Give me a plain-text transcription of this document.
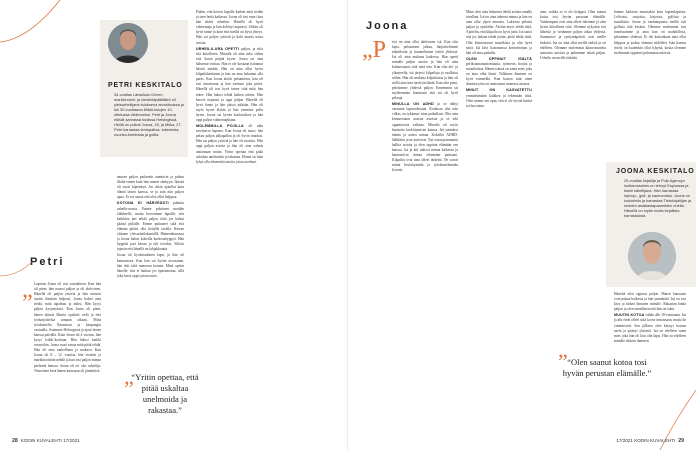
PETRI KESKITALO
34-vuotias LänsiAuto Driven markkinointi- ja viestintäpäällikkö oli yleisurheilijana tuloksena arvokisoissa ja tuli 30-vuotiaana Mitali-kisojen 10-ottelussa viidenneksi. Petri ja Joona elävät samassa kodissa Helsingissä. Heillä on poikat Joona, 29, ja Miika, 27. Petri harrastaa lentopalloa, tukemista, nuoriso-toimintaa ja golfia.
Petri
„ Lapsena Joona oli tosi sosiaalinen. Kun hän oli pieni, hän nauroi paljon ja oli aktiivinen. Hänellä oli paljon ystäviä ja hän tutustui uusiin ihmisiin helposti. Joona halusi aina tietää, mitä tapahtuu ja miksi. Hän kysyi paljon kysymyksiä. Kun Joona oli pieni, hänen äitinsä Marita opiskeli vielä ja teki tyoharjoittelua samaan aikaan. Minä työskentelin Raaraussa ja kaupungin vastuulla. Asuimme Helsingissä ja ajoin lasten kanssa päivällä. Kuin Joona oli 4 vuotias, hän kysyi leikki-kouluun. Hän halusi kaikki tavaroihin. Joona osasi sanoa mitä pitää tehdä. Hän oli aina rauhallinen ja mukava. Kun Joona oli 8 – 12 -vuotias, hän viestitti ja markkinointiin nähdä ja kun tosi paljon minun perheeni kanssa. Joona oli eri väri urheilija. Viimeinen kesä hänen kanssaan oli jännittävä.

nauran paljon paikereitt aamuisin ja puhun illalla ennen kuin hän menee sänkyyn. Ikävää oli vuosi kipeäntyä. Jos olisin ajatellut kuin elämä lasten kanssa, se ja sain niin paljon apua. Ei voi sanoa että olisi ollut helppoa.

KOTONA EI HÄRVEÄSTI puhuttu urheilu-urasta. Emme pohtineet meidän eläkkeelle, mutta kerroimme lapsille, että kaikkien piti tehdä paljon töitä jos halusi päästä pitkälle. Emme puhuneet siitä että elämän pitäisi olla tiettyllä tavalla. Kerran olimme yleisurheilukentällä Hämeenlinnassa ja Joona halusi kokeilla korkeushyppyä. Hän hyppäsi pari kertaa ja tuli toiseksi. Silloin tajusin että hänellä on lahjakkuutta.

Joona oli hyväntuulinen lapsi, ja hän oli kannustava. Kun hän sai hyvän arvosanan, hän teki siitä numeron kotona. Minä opetin hänelle, että ei haittaa jos epäonnistuu, sillä joka kerta oppii jotain uutta.

Päätin, että kerron lapsille kaiken mitä tiedän ja tuen heitä kaikessa. Joona oli tosi nuori kun hän aloitti urheilun. Hänellä oli hyvä valmentaja ja hän kehittyi nopeasti. Silloin oli hyvä tunne ja koin että meillä on hyvä yhteys. Hän sai paljon ystäviä ja koki monia uusia asioita.

URHEILU-URA OPETTI paljon, ja siitä sitä kiitollinen. Minulla oli aina usko siihen että Joona pärjää hyvin. Joona on aina halunnut voittaa. Hän ei ole koskaan halunnut hävitä mitään. Hän on aina ollut hyvin kilpailuhenkinen ja hän on aina halunnut olla paras. Kun Joona aloitti pelaamisen, hän oli tosi innostunut ja hän treenasi joka päivä. Hänellä oli tosi hyvä tunne siitä mitä hän tekee. Hän halusi tehdä kaiken oikein. Hän kasvoi nopeasti ja oppi paljon. Hänellä oli hyvä kunto ja hän jaksoi pitkään. Hän oli myös hyvin älykäs ja hän ymmärsi pelin hyvin. Joona sai hyvän koulutuksen ja hän oppi paljon valmentajiltaan.

MOLEMMILLA POJILLA oli aika tarvittavat lapsena. Kun Joona oli nuori, hän pelasi paljon jalkapalloa ja oli hyvin innokas. Hän sai paljon ystäviä ja hän oli suosittu. Hän oppi paljon asioita ja hän oli aina valmis auttamaan muita. Yritin opettaa että pitää uskaltaa unelmoida ja rakastaa. Elämä on liian lyhyt olla tekemättä asioita joista unelmoi.

„
“Yritin opettaa, että pitää uskaltaa unelmoida ja rakastaa.”
28 KODIN KUVALEHTI 17/2021
Joona
„P etri on aina ollut aktiivinen isä. Kun olin lapsi, pelasimme jalkaa, harjoittelimme tekniikoita ja kuuntelimme tyttöä yhdessä. Isä oli aina mukana kaikessa. Hän opetti minulle paljon asioita ja hän oli aina kiinnostunut siitä mitä tein. Kun olin ala- ja yläasteella, isä järjesti kilpailuja ja osallistui niihin. Hän oli mukana kilpailuissa ja hän oli siellä aina kun tarvitsin häntä. Kun olin pieni, pelasimme yhdessä paljon. Ennemmin tai myöhemmin huomasin että isä oli hyvä pelaaja.

MINULLA ON ADHD ja se näkyi varmaan lapsuudessani. Koulussa olin utin vilkas, en tykännyt istua paikallani. Olin aina kiinnostunut uusista asioista ja se teki oppimisesta vaikeaa. Minulla oli myös haasteita keskittymisen kanssa. Isä ymmärsi tämän ja auttoi minua. Kokeilin ADHD-lääkkeitä ja ne auttoivat. Nyt osaan paremmin hallita asioita ja olen oppinut elämään sen kanssa. Isä ja äiti tukivat minua kaikessa ja kannustivat minua tekemään parhaani. Kilpailut ovat aina olleet tärkeitä. Ne saivat minut keskittymään ja työskentelemään kovasti.

Minä olen aina halunnut tehdä asioita omalla tavallani. Isä on aina tukenut minua ja hän on aina ollut ylpeä minusta. Lukiossa pelasin paljon ja opiskelin. Aloitin myös tehdä töitä. Ajattelin, että kilpailu on hyvä juttu. Isä sanoi että jos haluaa tehdä jotain, pitää tehdä töitä. Olin kiinnostunut musiikista ja olin hyvä siinä. Isä kävi katsomassa konserttejani ja hän oli aina paikalla.

OLEN OPPINUT ISÄLTÄ periksiantamattomuutta, työnteon, hoitoa ja ruoanlaittoa. Hänen isänsä on sama mies joka on aina ollut läsnä. Tällainen ihminen on hyvä esimerkki. Kun katson isää, näen ihmisen joka on onnistunut monessa asiassa.

MINUT ON KASVATETTU ymmärtämään kaikkea ja tekemään töitä. Olen saanut sen opin, että ei ole hyvää hävitä tai luovuttaa.

aina, vaikka se ei ole helppoa. Olen saanut kotoa tosi hyvän perustan elämälle. Vanhempani ovat aina olleet tukenani ja olen hyvin kiitollinen siitä. Olemme nykyään tosi läheisiä ja vietämme paljon aikaa yhdessä. Sunnuntai- ja syntymäpäivät ovat meille tärkeitä. Isä on aina ollut meille tärkeä ja on edelleen. Olemme molemmat kiinnostuneita samoista asioista ja puhumme niistä paljon. Urheilu on meille tärkeää.

lemme kaikesta muustakin kuin lapsenlapsista. Leffoista, sarjoista, kirjoista, golfista ja musiikista. Joona ja vanhempansa meillä tuli golfista tätä kesänä. Olemme molemmat tosi innoissamme ja aina kun on mahdollista, pelaamme yhdessä. Ei ole kuitenkaan aina ollut helppoa ja joskus olemme riidelleet. Isän kanssa riitely on kuitenkin ollut lyhyttä, koska olemme molemmat oppineet puhumaan asioista.

JOONA KESKITALO
29-vuotias kirjailija ja Pulp Agencyn luottamusmies on tehnyt Espoossa ja toimii taiteilijana. Hän harrastaa hiphop-, golf- ja saunomista. Joona on koulutettu ja harrastaa Tietokirjailijan ja muiden asiakastapaamisten ohella. Hänellä on myös muita kirjallisia harrastuksia.

Häneltä olen oppinut paljon. Hänen kanssaan voin puhua kaikesta ja hän ymmärtää. Isä on tosi kiva ja tärkeä ihminen minulle. Rakastan häntä paljon ja olen onnellinen että hän on isäni.

MUUTIN KOTOA vähän alle 18-vuotiaana. Isä ja äiti eivät olleet siitä kovin innoissaan, mutta he ymmärsivät. Sen jälkeen olen käynyt kotona usein ja pitänyt yhteyttä. Isä on edelleen sama mies joka hän oli kun olin lapsi. Hän on edelleen minulle tärkein ihminen.

„ “Olen saanut kotoa tosi hyvän perustan elämälle.”
17/2021 KODIN KUVALEHTI 29
